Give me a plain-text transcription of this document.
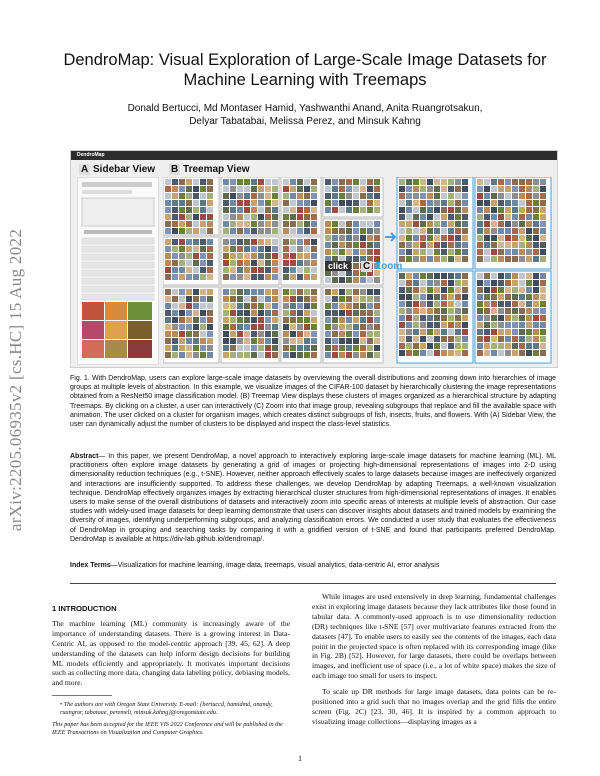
arXiv:2205.06935v2 [cs.HC] 15 Aug 2022
DendroMap: Visual Exploration of Large-Scale Image Datasets for Machine Learning with Treemaps
Donald Bertucci, Md Montaser Hamid, Yashwanthi Anand, Anita Ruangrotsakun,
Delyar Tabatabai, Melissa Perez, and Minsuk Kahng
DendroMap
A Sidebar View B Treemap View
click	C Zoom
Fig. 1. With DendroMap, users can explore large-scale image datasets by overviewing the overall distributions and zooming down into hierarchies of image groups at multiple levels of abstraction. In this example, we visualize images of the CIFAR-100 dataset by hierarchically clustering the image representations obtained from a ResNet50 image classification model. (B) Treemap View displays these clusters of images organized as a hierarchical structure by adapting Treemaps. By clicking on a cluster, a user can interactively (C) Zoom into that image group, revealing subgroups that replace and fill the available space with animation. The user clicked on a cluster for organism images, which creates distinct subgroups of fish, insects, fruits, and flowers. With (A) Sidebar View, the user can dynamically adjust the number of clusters to be displayed and inspect the class-level statistics.
Abstract— In this paper, we present DendroMap, a novel approach to interactively exploring large-scale image datasets for machine learning (ML). ML practitioners often explore image datasets by generating a grid of images or projecting high-dimensional representations of images into 2-D using dimensionality reduction techniques (e.g., t-SNE). However, neither approach effectively scales to large datasets because images are ineffectively organized and interactions are insufficiently supported. To address these challenges, we develop DendroMap by adapting Treemaps, a well-known visualization technique. DendroMap effectively organizes images by extracting hierarchical cluster structures from high-dimensional representations of images. It enables users to make sense of the overall distributions of datasets and interactively zoom into specific areas of interests at multiple levels of abstraction. Our case studies with widely-used image datasets for deep learning demonstrate that users can discover insights about datasets and trained models by examining the diversity of images, identifying underperforming subgroups, and analyzing classification errors. We conducted a user study that evaluates the effectiveness of DendroMap in grouping and searching tasks by comparing it with a gridified version of t-SNE and found that participants preferred DendroMap. DendroMap is available at https://div-lab.github.io/dendromap/.
Index Terms—Visualization for machine learning, image data, treemaps, visual analytics, data-centric AI, error analysis
1 INTRODUCTION
The machine learning (ML) community is increasingly aware of the importance of understanding datasets. There is a growing interest in Data-Centric AI, as opposed to the model-centric approach [39, 45, 62]. A deep understanding of the datasets can help inform design decisions for building ML models efficiently and appropriately. It motivates important decisions such as collecting more data, changing data labeling policy, debiasing models, and more.
• The authors are with Oregon State University. E-mail: {bertuccd, hamidmd, anandy, ruangror, tabataae, peremeli, minsuk.kahng}@oregonstate.edu.
This paper has been accepted for the IEEE VIS 2022 Conference and will be published in the IEEE Transactions on Visualization and Computer Graphics.
While images are used extensively in deep learning, fundamental challenges exist in exploring image datasets because they lack attributes like those found in tabular data. A commonly-used approach is to use dimensionality reduction (DR) techniques like t-SNE [57] over multivariate features extracted from the datasets [47]. To enable users to easily see the contents of the images, each data point in the projected space is often replaced with its corresponding image (like in Fig. 2B) [52]. However, for large datasets, there could be overlaps between images, and inefficient use of space (i.e., a lot of white space) makes the size of each image too small for users to inspect.
To scale up DR methods for large image datasets, data points can be re-positioned into a grid such that no images overlap and the grid fills the entire screen (Fig. 2C) [23, 30, 46]. It is inspired by a common approach to visualizing image collections—displaying images as a
1
